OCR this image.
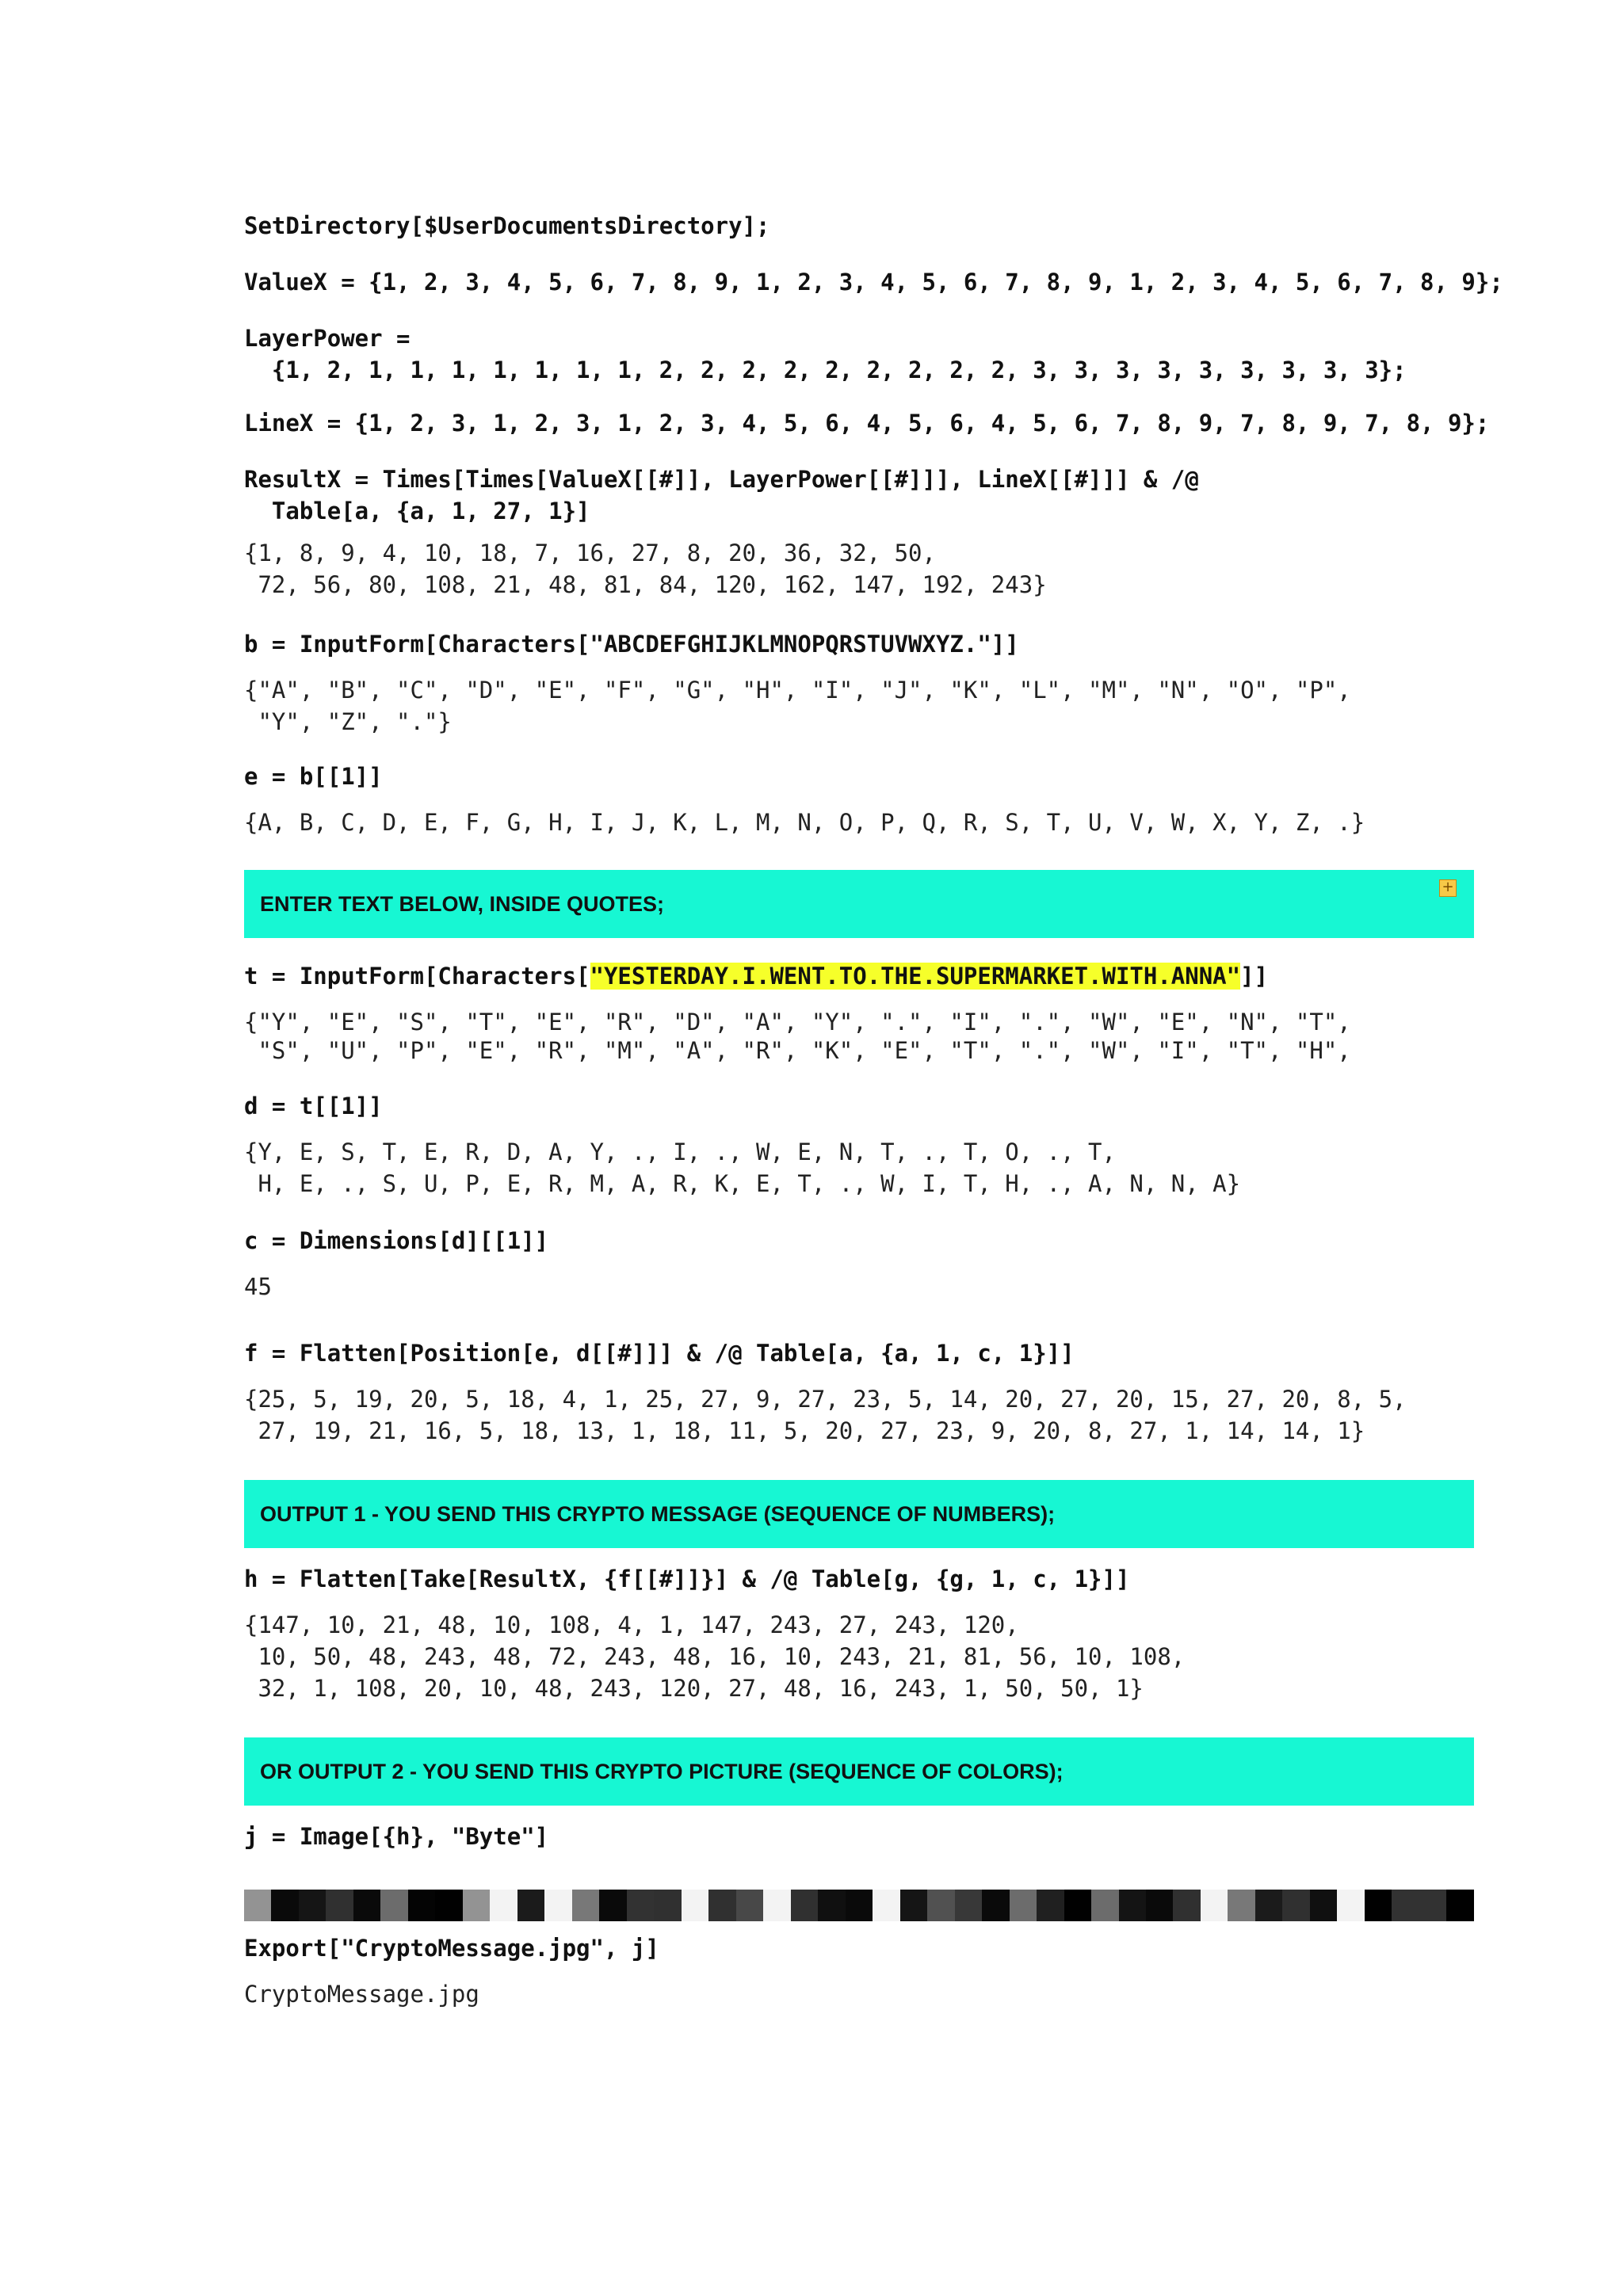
SetDirectory[$UserDocumentsDirectory];
ValueX = {1, 2, 3, 4, 5, 6, 7, 8, 9, 1, 2, 3, 4, 5, 6, 7, 8, 9, 1, 2, 3, 4, 5, 6, 7, 8, 9};
LayerPower =
{1, 2, 1, 1, 1, 1, 1, 1, 1, 2, 2, 2, 2, 2, 2, 2, 2, 2, 3, 3, 3, 3, 3, 3, 3, 3, 3};
LineX = {1, 2, 3, 1, 2, 3, 1, 2, 3, 4, 5, 6, 4, 5, 6, 4, 5, 6, 7, 8, 9, 7, 8, 9, 7, 8, 9};
ResultX = Times[Times[ValueX[[#]], LayerPower[[#]]], LineX[[#]]] & /@
Table[a, {a, 1, 27, 1}]
{1, 8, 9, 4, 10, 18, 7, 16, 27, 8, 20, 36, 32, 50,
72, 56, 80, 108, 21, 48, 81, 84, 120, 162, 147, 192, 243}
b = InputForm[Characters["ABCDEFGHIJKLMNOPQRSTUVWXYZ."]]
{"A", "B", "C", "D", "E", "F", "G", "H", "I", "J", "K", "L", "M", "N", "O", "P",
"Y", "Z", "."}
e = b[[1]]
{A, B, C, D, E, F, G, H, I, J, K, L, M, N, O, P, Q, R, S, T, U, V, W, X, Y, Z, .}
ENTER TEXT BELOW, INSIDE QUOTES;
+
t = InputForm[Characters["YESTERDAY.I.WENT.TO.THE.SUPERMARKET.WITH.ANNA"]]
{"Y", "E", "S", "T", "E", "R", "D", "A", "Y", ".", "I", ".", "W", "E", "N", "T",
"S", "U", "P", "E", "R", "M", "A", "R", "K", "E", "T", ".", "W", "I", "T", "H",
d = t[[1]]
{Y, E, S, T, E, R, D, A, Y, ., I, ., W, E, N, T, ., T, O, ., T,
H, E, ., S, U, P, E, R, M, A, R, K, E, T, ., W, I, T, H, ., A, N, N, A}
c = Dimensions[d][[1]]
45
f = Flatten[Position[e, d[[#]]] & /@ Table[a, {a, 1, c, 1}]]
{25, 5, 19, 20, 5, 18, 4, 1, 25, 27, 9, 27, 23, 5, 14, 20, 27, 20, 15, 27, 20, 8, 5,
27, 19, 21, 16, 5, 18, 13, 1, 18, 11, 5, 20, 27, 23, 9, 20, 8, 27, 1, 14, 14, 1}
OUTPUT 1 - YOU SEND THIS CRYPTO MESSAGE (SEQUENCE OF NUMBERS);
h = Flatten[Take[ResultX, {f[[#]]}] & /@ Table[g, {g, 1, c, 1}]]
{147, 10, 21, 48, 10, 108, 4, 1, 147, 243, 27, 243, 120,
10, 50, 48, 243, 48, 72, 243, 48, 16, 10, 243, 21, 81, 56, 10, 108,
32, 1, 108, 20, 10, 48, 243, 120, 27, 48, 16, 243, 1, 50, 50, 1}
OR OUTPUT 2 - YOU SEND THIS CRYPTO PICTURE (SEQUENCE OF COLORS);
j = Image[{h}, "Byte"]
Export["CryptoMessage.jpg", j]
CryptoMessage.jpg
